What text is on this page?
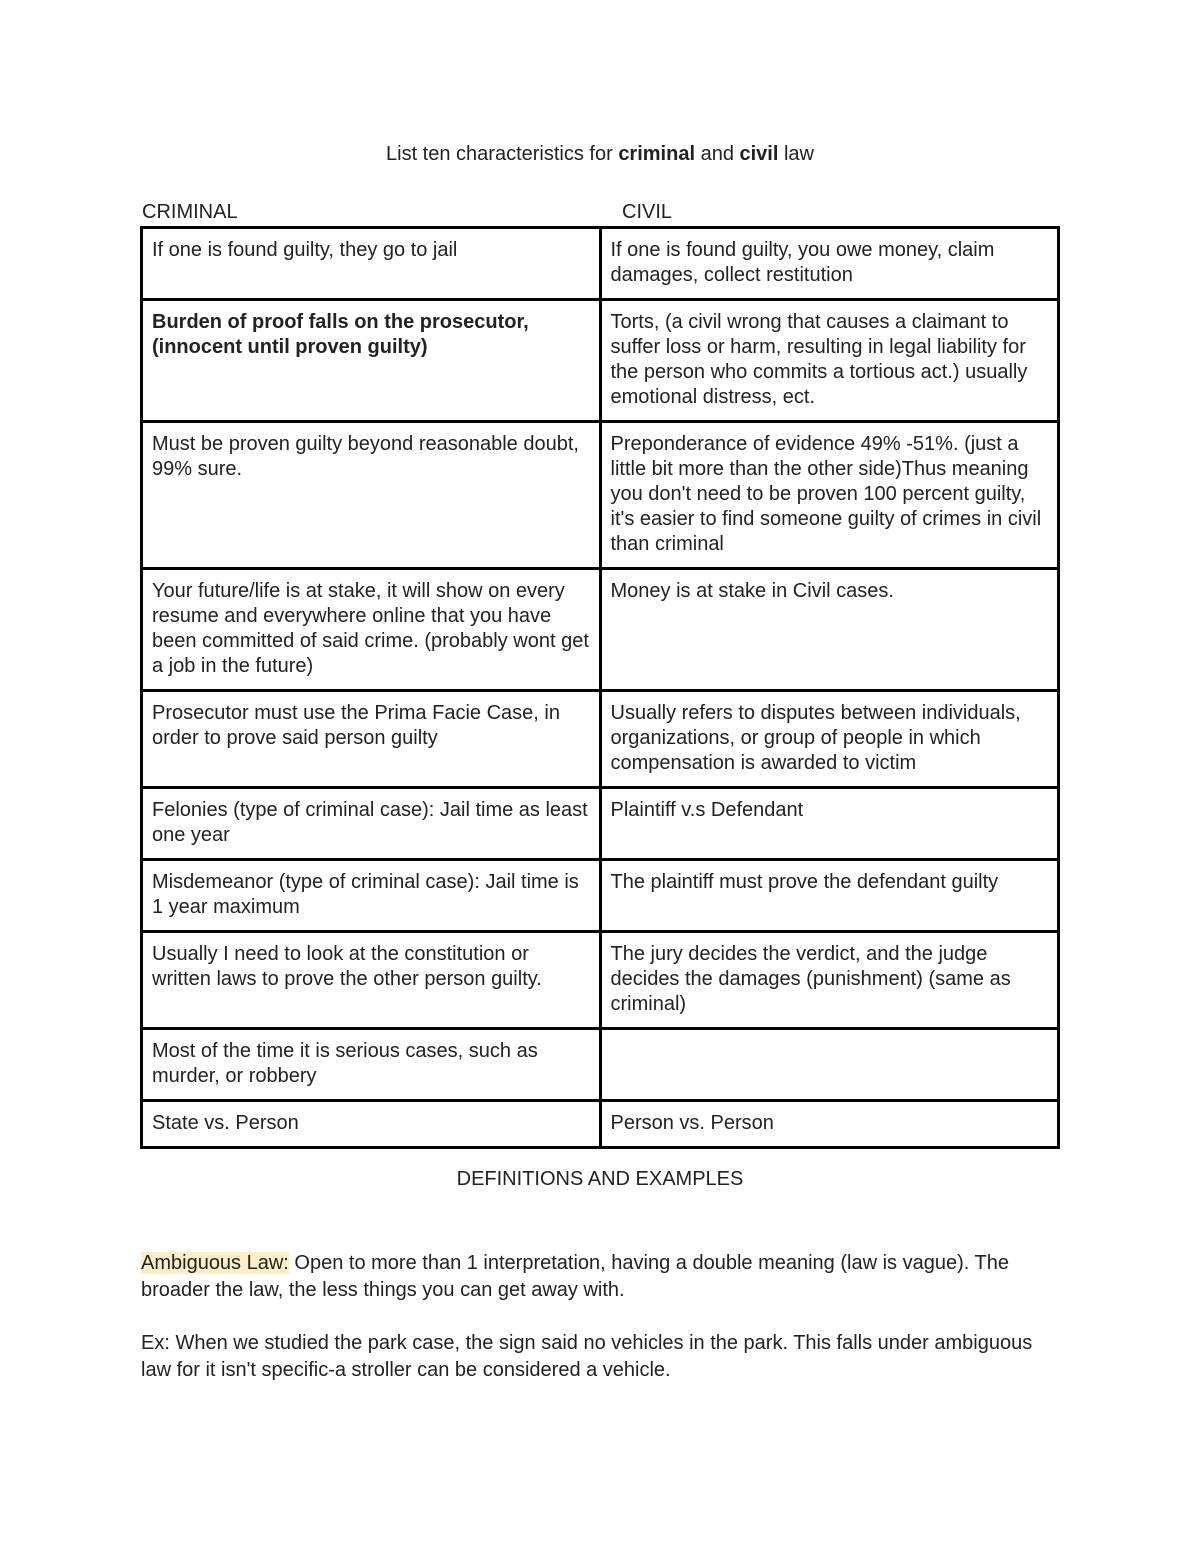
List ten characteristics for criminal and civil law
CRIMINAL	CIVIL
If one is found guilty, they go to jail	If one is found guilty, you owe money, claim damages, collect restitution
Burden of proof falls on the prosecutor, (innocent until proven guilty)	Torts, (a civil wrong that causes a claimant to suffer loss or harm, resulting in legal liability for the person who commits a tortious act.) usually emotional distress, ect.
Must be proven guilty beyond reasonable doubt, 99% sure.	Preponderance of evidence 49% -51%. (just a little bit more than the other side)Thus meaning you don't need to be proven 100 percent guilty, it's easier to find someone guilty of crimes in civil than criminal
Your future/life is at stake, it will show on every resume and everywhere online that you have been committed of said crime. (probably wont get a job in the future)	Money is at stake in Civil cases.
Prosecutor must use the Prima Facie Case, in order to prove said person guilty	Usually refers to disputes between individuals, organizations, or group of people in which compensation is awarded to victim
Felonies (type of criminal case): Jail time as least one year	Plaintiff v.s Defendant
Misdemeanor (type of criminal case): Jail time is 1 year maximum	The plaintiff must prove the defendant guilty
Usually I need to look at the constitution or written laws to prove the other person guilty.	The jury decides the verdict, and the judge decides the damages (punishment) (same as criminal)
Most of the time it is serious cases, such as murder, or robbery	
State vs. Person	Person vs. Person
DEFINITIONS AND EXAMPLES
Ambiguous Law: Open to more than 1 interpretation, having a double meaning (law is vague). The broader the law, the less things you can get away with.
Ex: When we studied the park case, the sign said no vehicles in the park. This falls under ambiguous law for it isn't specific-a stroller can be considered a vehicle.
